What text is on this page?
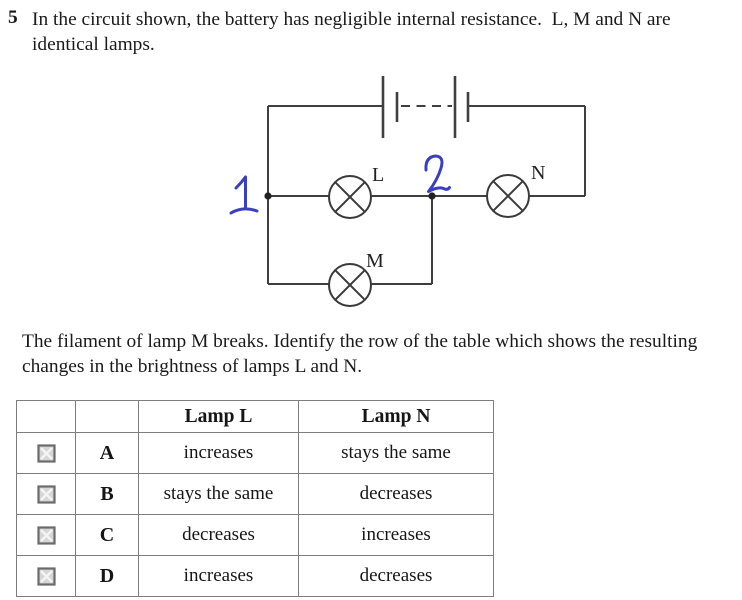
5 In the circuit shown, the battery has negligible internal resistance.  L, M and N are
identical lamps.
L	N
M
1
2
The filament of lamp M breaks. Identify the row of the table which shows the resulting
changes in the brightness of lamps L and N.
		Lamp L	Lamp N
	A	increases	stays the same
	B	stays the same	decreases
	C	decreases	increases
	D	increases	decreases
